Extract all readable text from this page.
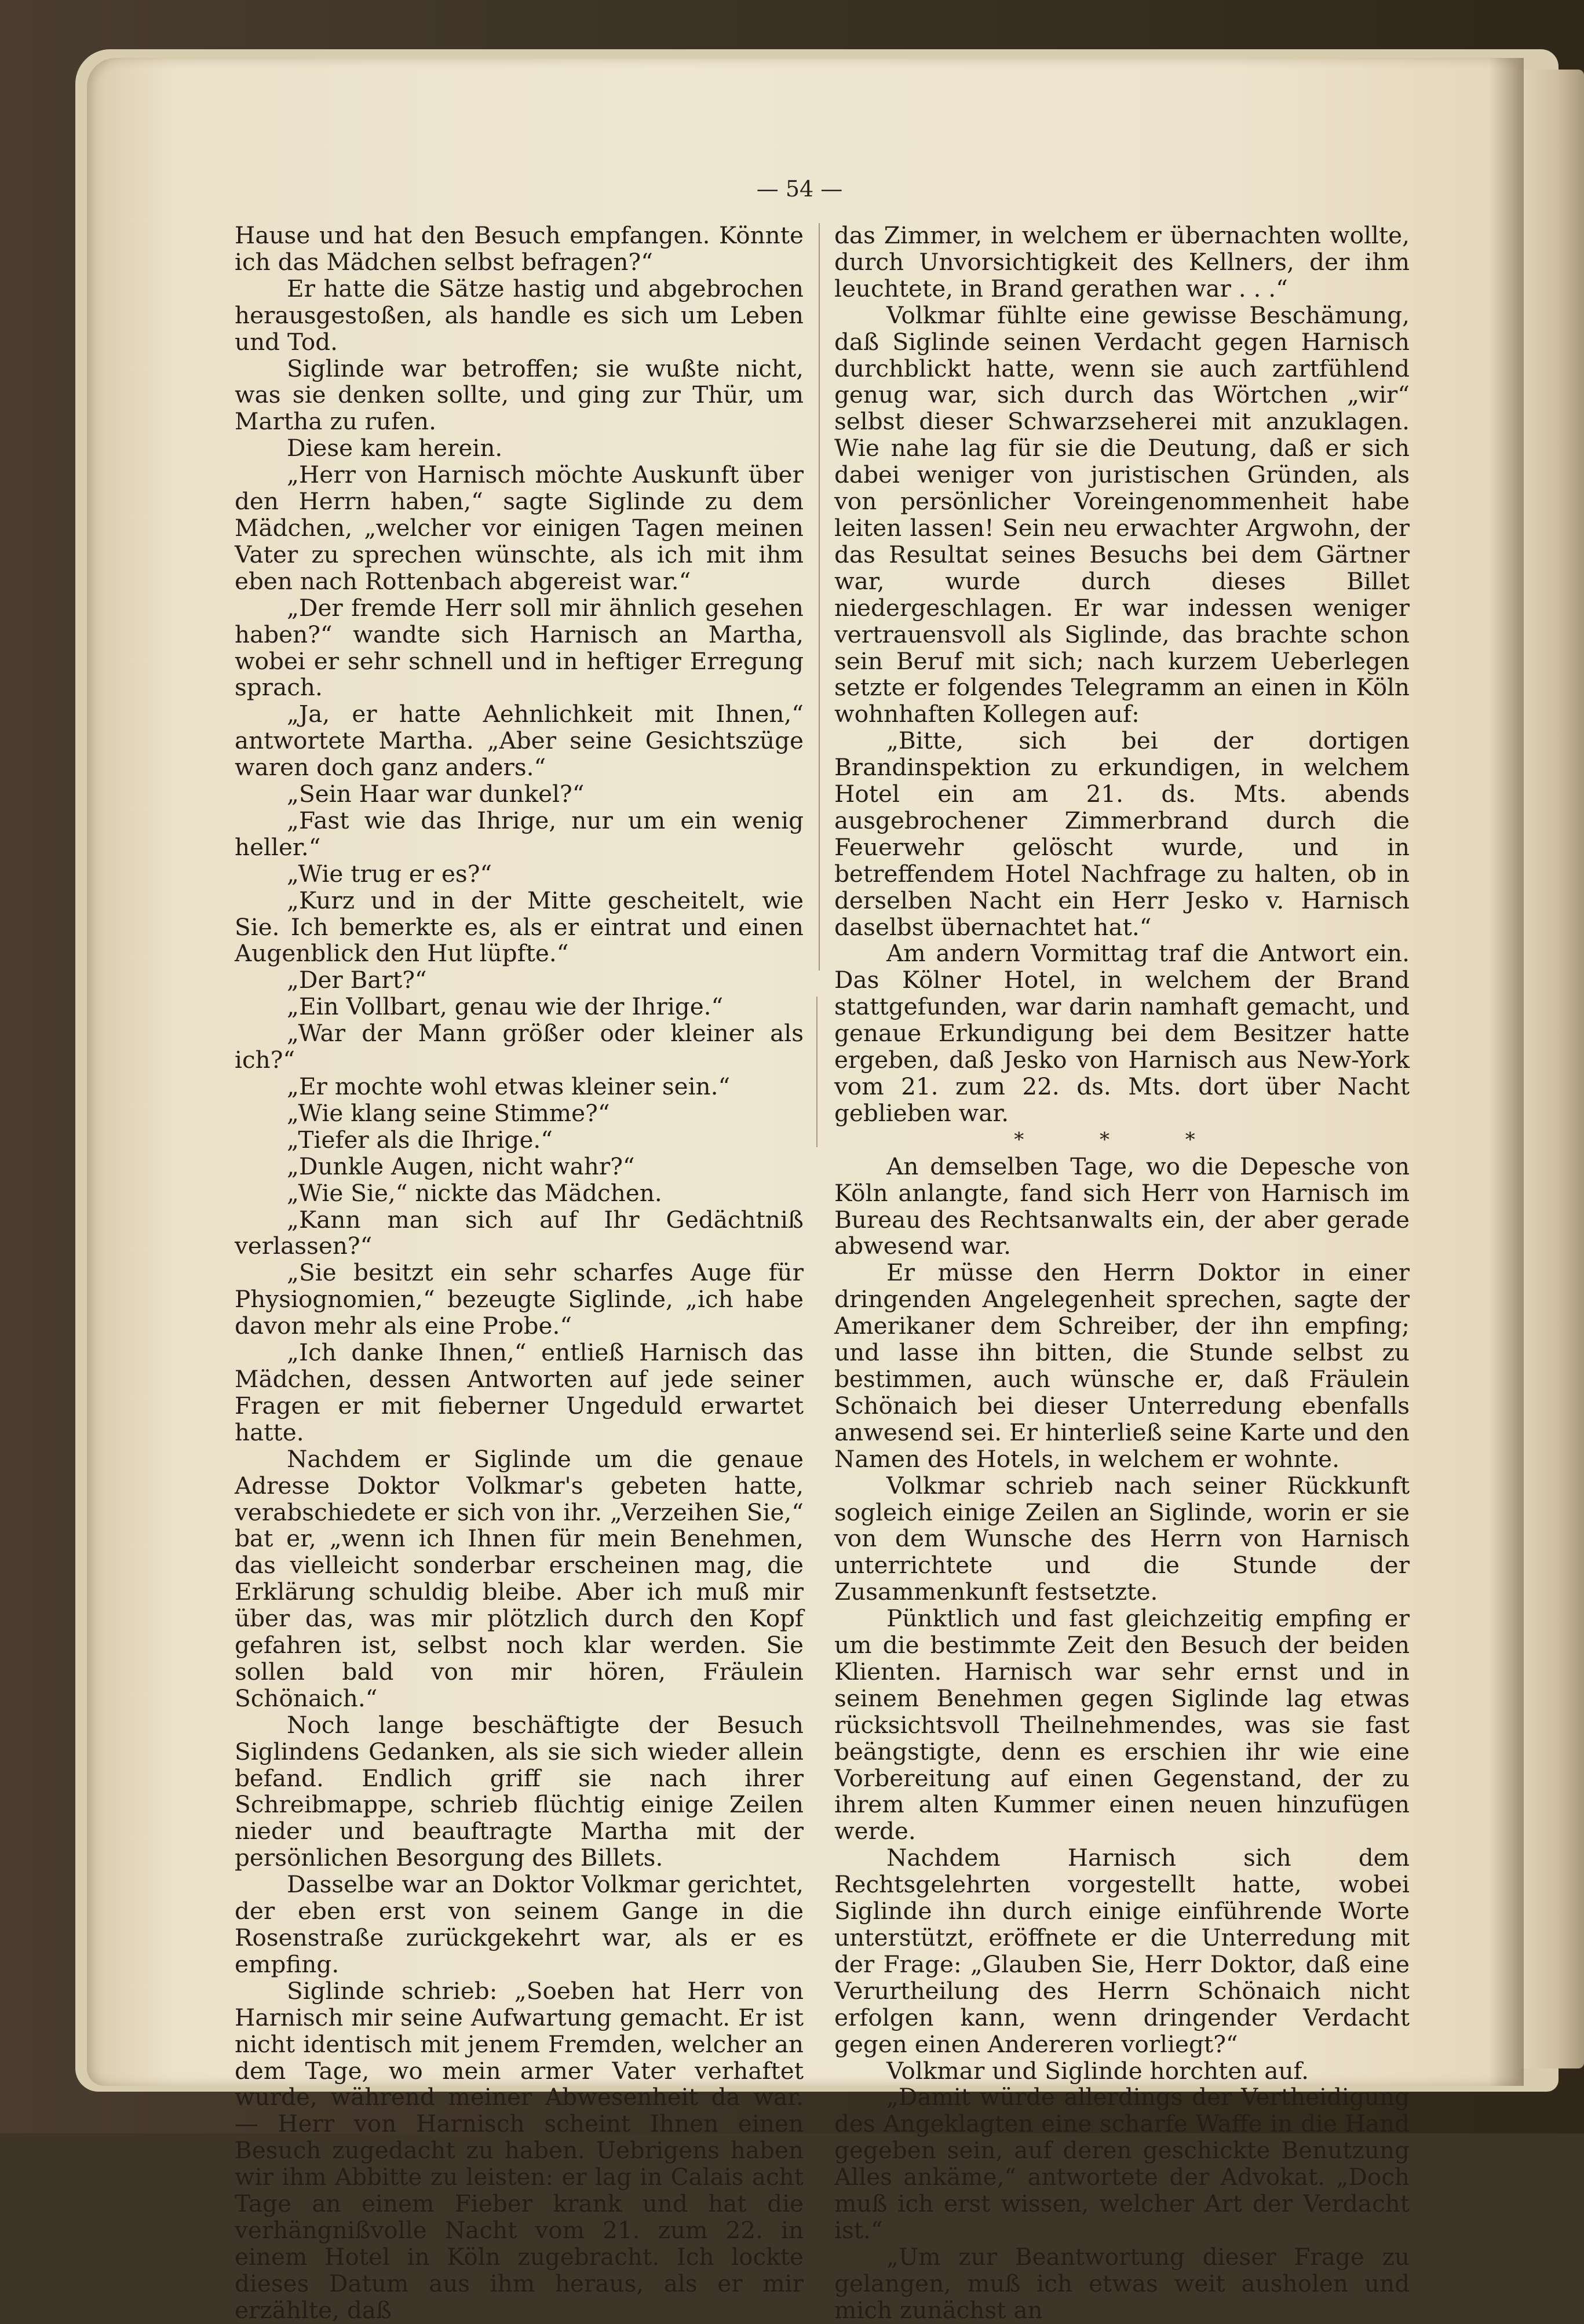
— 54 —

Hause und hat den Besuch empfangen. Könnte ich das Mädchen selbst befragen?“

Er hatte die Sätze hastig und abgebrochen herausgestoßen, als handle es sich um Leben und Tod.

Siglinde war betroffen; sie wußte nicht, was sie denken sollte, und ging zur Thür, um Martha zu rufen.

Diese kam herein.

„Herr von Harnisch möchte Auskunft über den Herrn haben,“ sagte Siglinde zu dem Mädchen, „welcher vor einigen Tagen meinen Vater zu sprechen wünschte, als ich mit ihm eben nach Rottenbach abgereist war.“

„Der fremde Herr soll mir ähnlich gesehen haben?“ wandte sich Harnisch an Martha, wobei er sehr schnell und in heftiger Erregung sprach.

„Ja, er hatte Aehnlichkeit mit Ihnen,“ antwortete Martha. „Aber seine Gesichtszüge waren doch ganz anders.“

„Sein Haar war dunkel?“

„Fast wie das Ihrige, nur um ein wenig heller.“

„Wie trug er es?“

„Kurz und in der Mitte gescheitelt, wie Sie. Ich bemerkte es, als er eintrat und einen Augenblick den Hut lüpfte.“

„Der Bart?“

„Ein Vollbart, genau wie der Ihrige.“

„War der Mann größer oder kleiner als ich?“

„Er mochte wohl etwas kleiner sein.“

„Wie klang seine Stimme?“

„Tiefer als die Ihrige.“

„Dunkle Augen, nicht wahr?“

„Wie Sie,“ nickte das Mädchen.

„Kann man sich auf Ihr Gedächtniß verlassen?“

„Sie besitzt ein sehr scharfes Auge für Physiognomien,“ bezeugte Siglinde, „ich habe davon mehr als eine Probe.“

„Ich danke Ihnen,“ entließ Harnisch das Mädchen, dessen Antworten auf jede seiner Fragen er mit fieberner Ungeduld erwartet hatte.

Nachdem er Siglinde um die genaue Adresse Doktor Volkmar's gebeten hatte, verabschiedete er sich von ihr. „Verzeihen Sie,“ bat er, „wenn ich Ihnen für mein Benehmen, das vielleicht sonderbar erscheinen mag, die Erklärung schuldig bleibe. Aber ich muß mir über das, was mir plötzlich durch den Kopf gefahren ist, selbst noch klar werden. Sie sollen bald von mir hören, Fräulein Schönaich.“

Noch lange beschäftigte der Besuch Siglindens Gedanken, als sie sich wieder allein befand. Endlich griff sie nach ihrer Schreibmappe, schrieb flüchtig einige Zeilen nieder und beauftragte Martha mit der persönlichen Besorgung des Billets.

Dasselbe war an Doktor Volkmar gerichtet, der eben erst von seinem Gange in die Rosenstraße zurückgekehrt war, als er es empfing.

Siglinde schrieb: „Soeben hat Herr von Harnisch mir seine Aufwartung gemacht. Er ist nicht identisch mit jenem Fremden, welcher an dem Tage, wo mein armer Vater verhaftet wurde, während meiner Abwesenheit da war. — Herr von Harnisch scheint Ihnen einen Besuch zugedacht zu haben. Uebrigens haben wir ihm Abbitte zu leisten: er lag in Calais acht Tage an einem Fieber krank und hat die verhängnißvolle Nacht vom 21. zum 22. in einem Hotel in Köln zugebracht. Ich lockte dieses Datum aus ihm heraus, als er mir erzählte, daß

das Zimmer, in welchem er übernachten wollte, durch Unvorsichtigkeit des Kellners, der ihm leuchtete, in Brand gerathen war . . .“

Volkmar fühlte eine gewisse Beschämung, daß Siglinde seinen Verdacht gegen Harnisch durchblickt hatte, wenn sie auch zartfühlend genug war, sich durch das Wörtchen „wir“ selbst dieser Schwarzseherei mit anzuklagen. Wie nahe lag für sie die Deutung, daß er sich dabei weniger von juristischen Gründen, als von persönlicher Voreingenommenheit habe leiten lassen! Sein neu erwachter Argwohn, der das Resultat seines Besuchs bei dem Gärtner war, wurde durch dieses Billet niedergeschlagen. Er war indessen weniger vertrauensvoll als Siglinde, das brachte schon sein Beruf mit sich; nach kurzem Ueberlegen setzte er folgendes Telegramm an einen in Köln wohnhaften Kollegen auf:

„Bitte, sich bei der dortigen Brandinspektion zu erkundigen, in welchem Hotel ein am 21. ds. Mts. abends ausgebrochener Zimmerbrand durch die Feuerwehr gelöscht wurde, und in betreffendem Hotel Nachfrage zu halten, ob in derselben Nacht ein Herr Jesko v. Harnisch daselbst übernachtet hat.“

Am andern Vormittag traf die Antwort ein. Das Kölner Hotel, in welchem der Brand stattgefunden, war darin namhaft gemacht, und genaue Erkundigung bei dem Besitzer hatte ergeben, daß Jesko von Harnisch aus New-York vom 21. zum 22. ds. Mts. dort über Nacht geblieben war.

* * *

An demselben Tage, wo die Depesche von Köln anlangte, fand sich Herr von Harnisch im Bureau des Rechtsanwalts ein, der aber gerade abwesend war.

Er müsse den Herrn Doktor in einer dringenden Angelegenheit sprechen, sagte der Amerikaner dem Schreiber, der ihn empfing; und lasse ihn bitten, die Stunde selbst zu bestimmen, auch wünsche er, daß Fräulein Schönaich bei dieser Unterredung ebenfalls anwesend sei. Er hinterließ seine Karte und den Namen des Hotels, in welchem er wohnte.

Volkmar schrieb nach seiner Rückkunft sogleich einige Zeilen an Siglinde, worin er sie von dem Wunsche des Herrn von Harnisch unterrichtete und die Stunde der Zusammenkunft festsetzte.

Pünktlich und fast gleichzeitig empfing er um die bestimmte Zeit den Besuch der beiden Klienten. Harnisch war sehr ernst und in seinem Benehmen gegen Siglinde lag etwas rücksichtsvoll Theilnehmendes, was sie fast beängstigte, denn es erschien ihr wie eine Vorbereitung auf einen Gegenstand, der zu ihrem alten Kummer einen neuen hinzufügen werde.

Nachdem Harnisch sich dem Rechtsgelehrten vorgestellt hatte, wobei Siglinde ihn durch einige einführende Worte unterstützt, eröffnete er die Unterredung mit der Frage: „Glauben Sie, Herr Doktor, daß eine Verurtheilung des Herrn Schönaich nicht erfolgen kann, wenn dringender Verdacht gegen einen Andereren vorliegt?“

Volkmar und Siglinde horchten auf.

„Damit würde allerdings der Vertheidigung des Angeklagten eine scharfe Waffe in die Hand gegeben sein, auf deren geschickte Benutzung Alles ankäme,“ antwortete der Advokat. „Doch muß ich erst wissen, welcher Art der Verdacht ist.“

„Um zur Beantwortung dieser Frage zu gelangen, muß ich etwas weit ausholen und mich zunächst an
